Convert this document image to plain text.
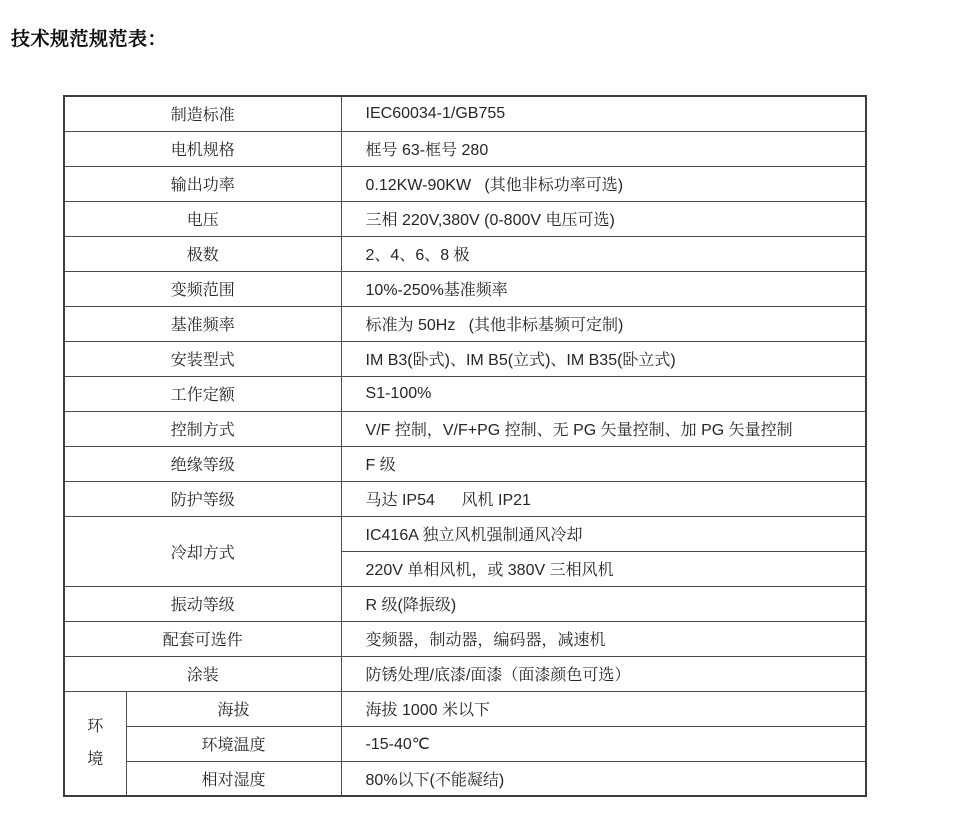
技术规范规范表：
制造标准		IEC60034-1/GB755
电机规格		框号 63-框号 280
输出功率		0.12KW-90KW   (其他非标功率可选)
电压		三相 220V,380V (0-800V 电压可选)
极数		2、4、6、8 极
变频范围		10%-250%基准频率
基准频率		标准为 50Hz   (其他非标基频可定制)
安装型式		IM B3(卧式)、IM B5(立式)、IM B35(卧立式)
工作定额		S1-100%
控制方式		V/F 控制，V/F+PG 控制、无 PG 矢量控制、加 PG 矢量控制
绝缘等级		F 级
防护等级		马达 IP54      风机 IP21
冷却方式		IC416A 独立风机强制通风冷却
		220V 单相风机，或 380V 三相风机
振动等级		R 级(降振级)
配套可选件		变频器，制动器，编码器，减速机
涂装		防锈处理/底漆/面漆（面漆颜色可选）

环境	海拔	海拔 1000 米以下
	环境温度	-15-40℃
	相对湿度	80%以下(不能凝结)
